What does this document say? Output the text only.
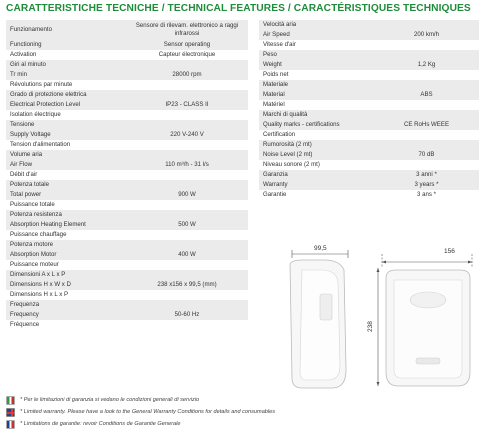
CARATTERISTICHE TECNICHE / TECHNICAL FEATURES / CARACTÉRISTIQUES TECHNIQUES
Funzionamento	Sensore di rilevam. elettronico a raggi infrarossi
Functioning	Sensor operating
Activation	Capteur électronique
Giri al minuto
Tr min	28000 rpm
Révolutions par minute
Grado di protezione elettrica
Electrical Protection Level	IP23 - CLASS II
Isolation électrique
Tensione
Supply Voltage	220 V-240 V
Tension d'alimentation
Volume aria
Air Flow	110 m³/h - 31 l/s
Débit d'air
Potenza totale
Total power	900 W
Puissance totale
Potenza resistenza
Absorption Heating Element	500 W
Puissance chauffage
Potenza motore
Absorption Motor	400 W
Puissance moteur
Dimensioni A x L x P
Dimensions H x W x D	238 x156 x 99,5 (mm)
Dimensions H x L x P
Frequenza
Frequency	50-60 Hz
Fréquence
Velocità aria
Air Speed	200 km/h
Vitesse d'air
Peso
Weight	1,2 Kg
Poids net
Materiale
Material	ABS
Matériel
Marchi di qualità
Quality marks - certifications	CE RoHs WEEE
Certification
Rumorosità (2 mt)
Noise Level (2 mt)	70 dB
Niveau sonore (2 mt)
Garanzia	3 anni *
Warranty	3 years *
Garantie	3 ans *
99,5	156
238
* Per le limitazioni di garanzia si vedano le condizioni generali di servizio
* Limited warranty. Please have a look to the General Warranty Conditions for details and consumables
* Limitations de garantie: revoir Conditions de Garantie Generale
